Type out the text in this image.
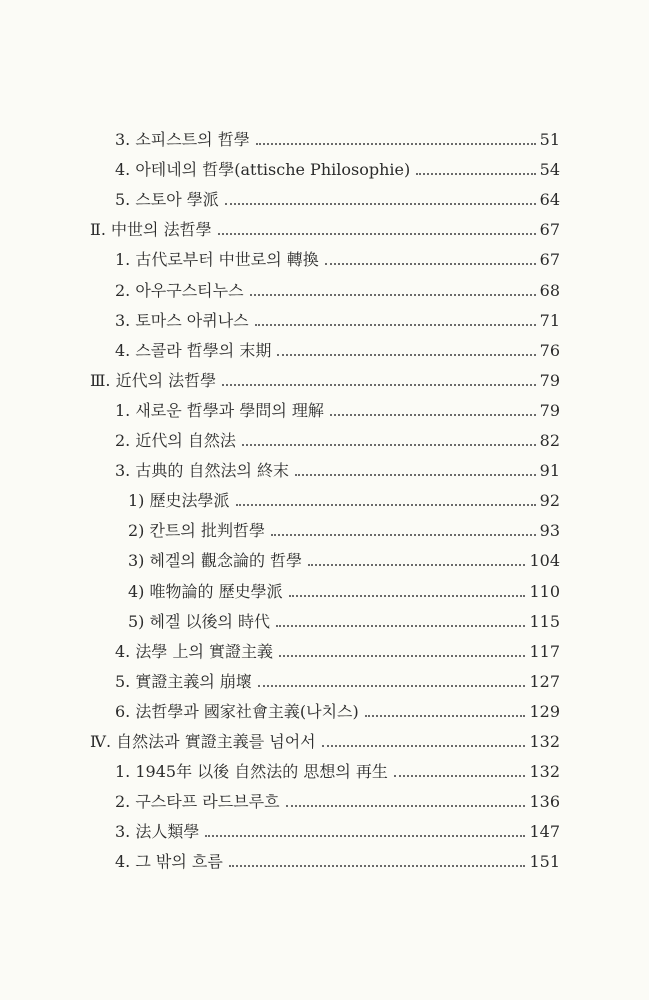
3. 소피스트의 哲學	51
4. 아테네의 哲學(attische Philosophie)	54
5. 스토아 學派	64
Ⅱ. 中世의 法哲學	67
1. 古代로부터 中世로의 轉換	67
2. 아우구스티누스	68
3. 토마스 아퀴나스	71
4. 스콜라 哲學의 末期	76
Ⅲ. 近代의 法哲學	79
1. 새로운 哲學과 學問의 理解	79
2. 近代의 自然法	82
3. 古典的 自然法의 終末	91
1) 歷史法學派	92
2) 칸트의 批判哲學	93
3) 헤겔의 觀念論的 哲學	104
4) 唯物論的 歷史學派	110
5) 헤겔 以後의 時代	115
4. 法學 上의 實證主義	117
5. 實證主義의 崩壞	127
6. 法哲學과 國家社會主義(나치스)	129
Ⅳ. 自然法과 實證主義를 넘어서	132
1. 1945年 以後 自然法的 思想의 再生	132
2. 구스타프 라드브루흐	136
3. 法人類學	147
4. 그 밖의 흐름	151
